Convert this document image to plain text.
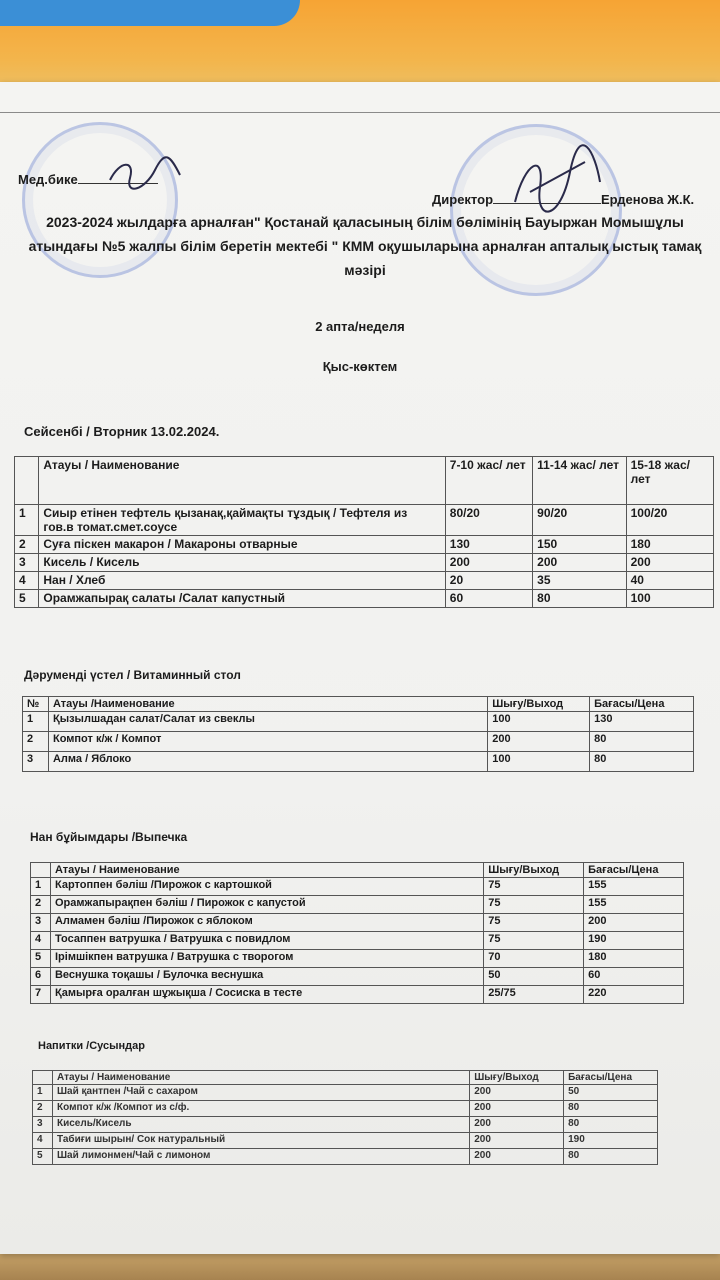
Мед.бике
Директор	Ерденова Ж.К.
2023-2024 жылдарға арналған" Қостанай қаласының білім бөлімінің Бауыржан Момышұлы атындағы №5 жалпы білім беретін мектебі " КММ оқушыларына арналған апталық ыстық тамақ мәзірі
2 апта/неделя
Қыс-көктем
Сейсенбі / Вторник 13.02.2024.
	Атауы / Наименование	7-10 жас/ лет	11-14 жас/ лет	15-18 жас/ лет
1	Сиыр етінен тефтель қызанақ,қаймақты тұздық / Тефтеля из гов.в томат.смет.соусе	80/20	90/20	100/20
2	Суға піскен макарон / Макароны отварные	130	150	180
3	Кисель / Кисель	200	200	200
4	Нан / Хлеб	20	35	40
5	Орамжапырақ салаты /Салат капустный	60	80	100
Дәрумендi үстел / Витаминный стол
№	Атауы /Наименование	Шығу/Выход	Бағасы/Цена
1	Қызылшадан салат/Салат из свеклы	100	130
2	Компот к/ж / Компот	200	80
3	Алма / Яблоко	100	80
Нан бұйымдары /Выпечка
	Атауы / Наименование	Шығу/Выход	Бағасы/Цена
1	Картоппен бәліш /Пирожок с картошкой	75	155
2	Орамжапырақпен бәліш / Пирожок с капустой	75	155
3	Алмамен бәліш /Пирожок с яблоком	75	200
4	Тосаппен ватрушка / Ватрушка с повидлом	75	190
5	Ірімшікпен ватрушка / Ватрушка с творогом	70	180
6	Веснушка тоқашы / Булочка веснушка	50	60
7	Қамырға оралған шұжықша / Сосиска в тесте	25/75	220
Напитки /Сусындар
	Атауы / Наименование	Шығу/Выход	Бағасы/Цена
1	Шай қантпен /Чай с сахаром	200	50
2	Компот к/ж /Компот из с/ф.	200	80
3	Кисель/Кисель	200	80
4	Табиғи шырын/ Сок натуральный	200	190
5	Шай лимонмен/Чай с лимоном	200	80
